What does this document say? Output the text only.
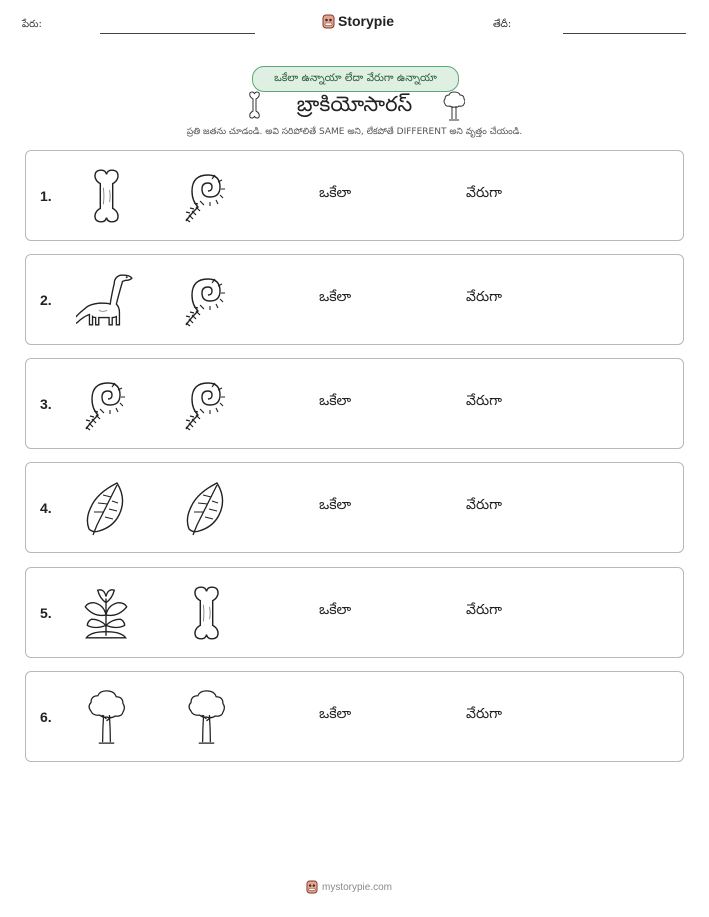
పేరు:	Storypie	తేదీ:
ఒకేలా ఉన్నాయా లేదా వేరుగా ఉన్నాయా
బ్రాకియోసారస్
ప్రతి జతను చూడండి. అవి సరిపోలితే SAME అని, లేకపోతే DIFFERENT అని వృత్తం చేయండి.
1.	ఒకేలా	వేరుగా
2.	ఒకేలా	వేరుగా
3.	ఒకేలా	వేరుగా
4.	ఒకేలా	వేరుగా
5.	ఒకేలా	వేరుగా
6.	ఒకేలా	వేరుగా
mystorypie.com
